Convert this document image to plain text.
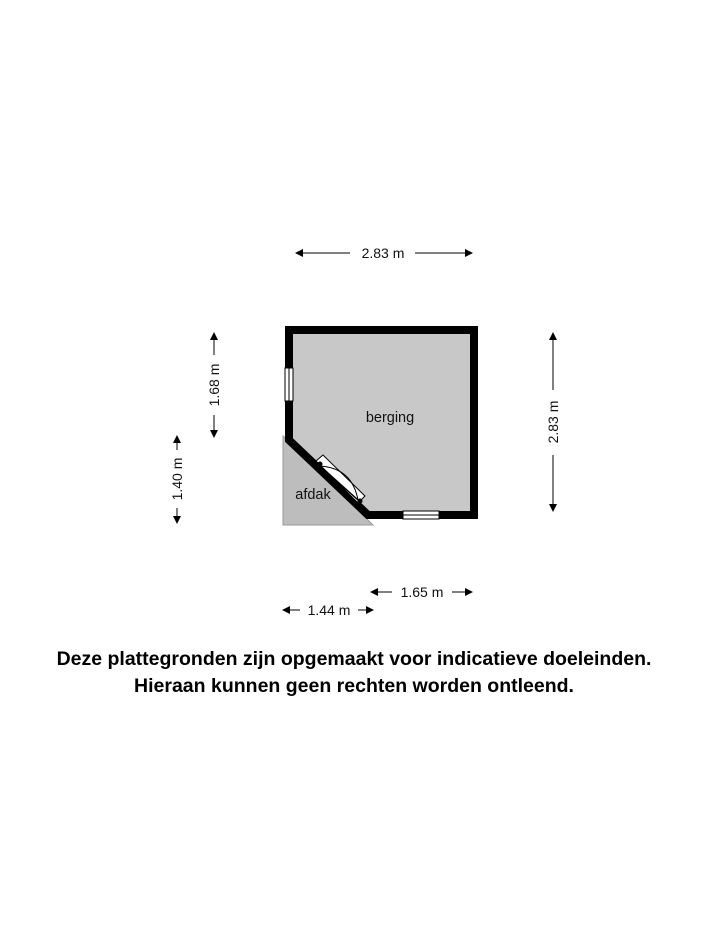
berging
afdak
2.83 m
2.83 m
1.68 m
1.40 m
1.65 m
1.44 m
Deze plattegronden zijn opgemaakt voor indicatieve doeleinden.
Hieraan kunnen geen rechten worden ontleend.
